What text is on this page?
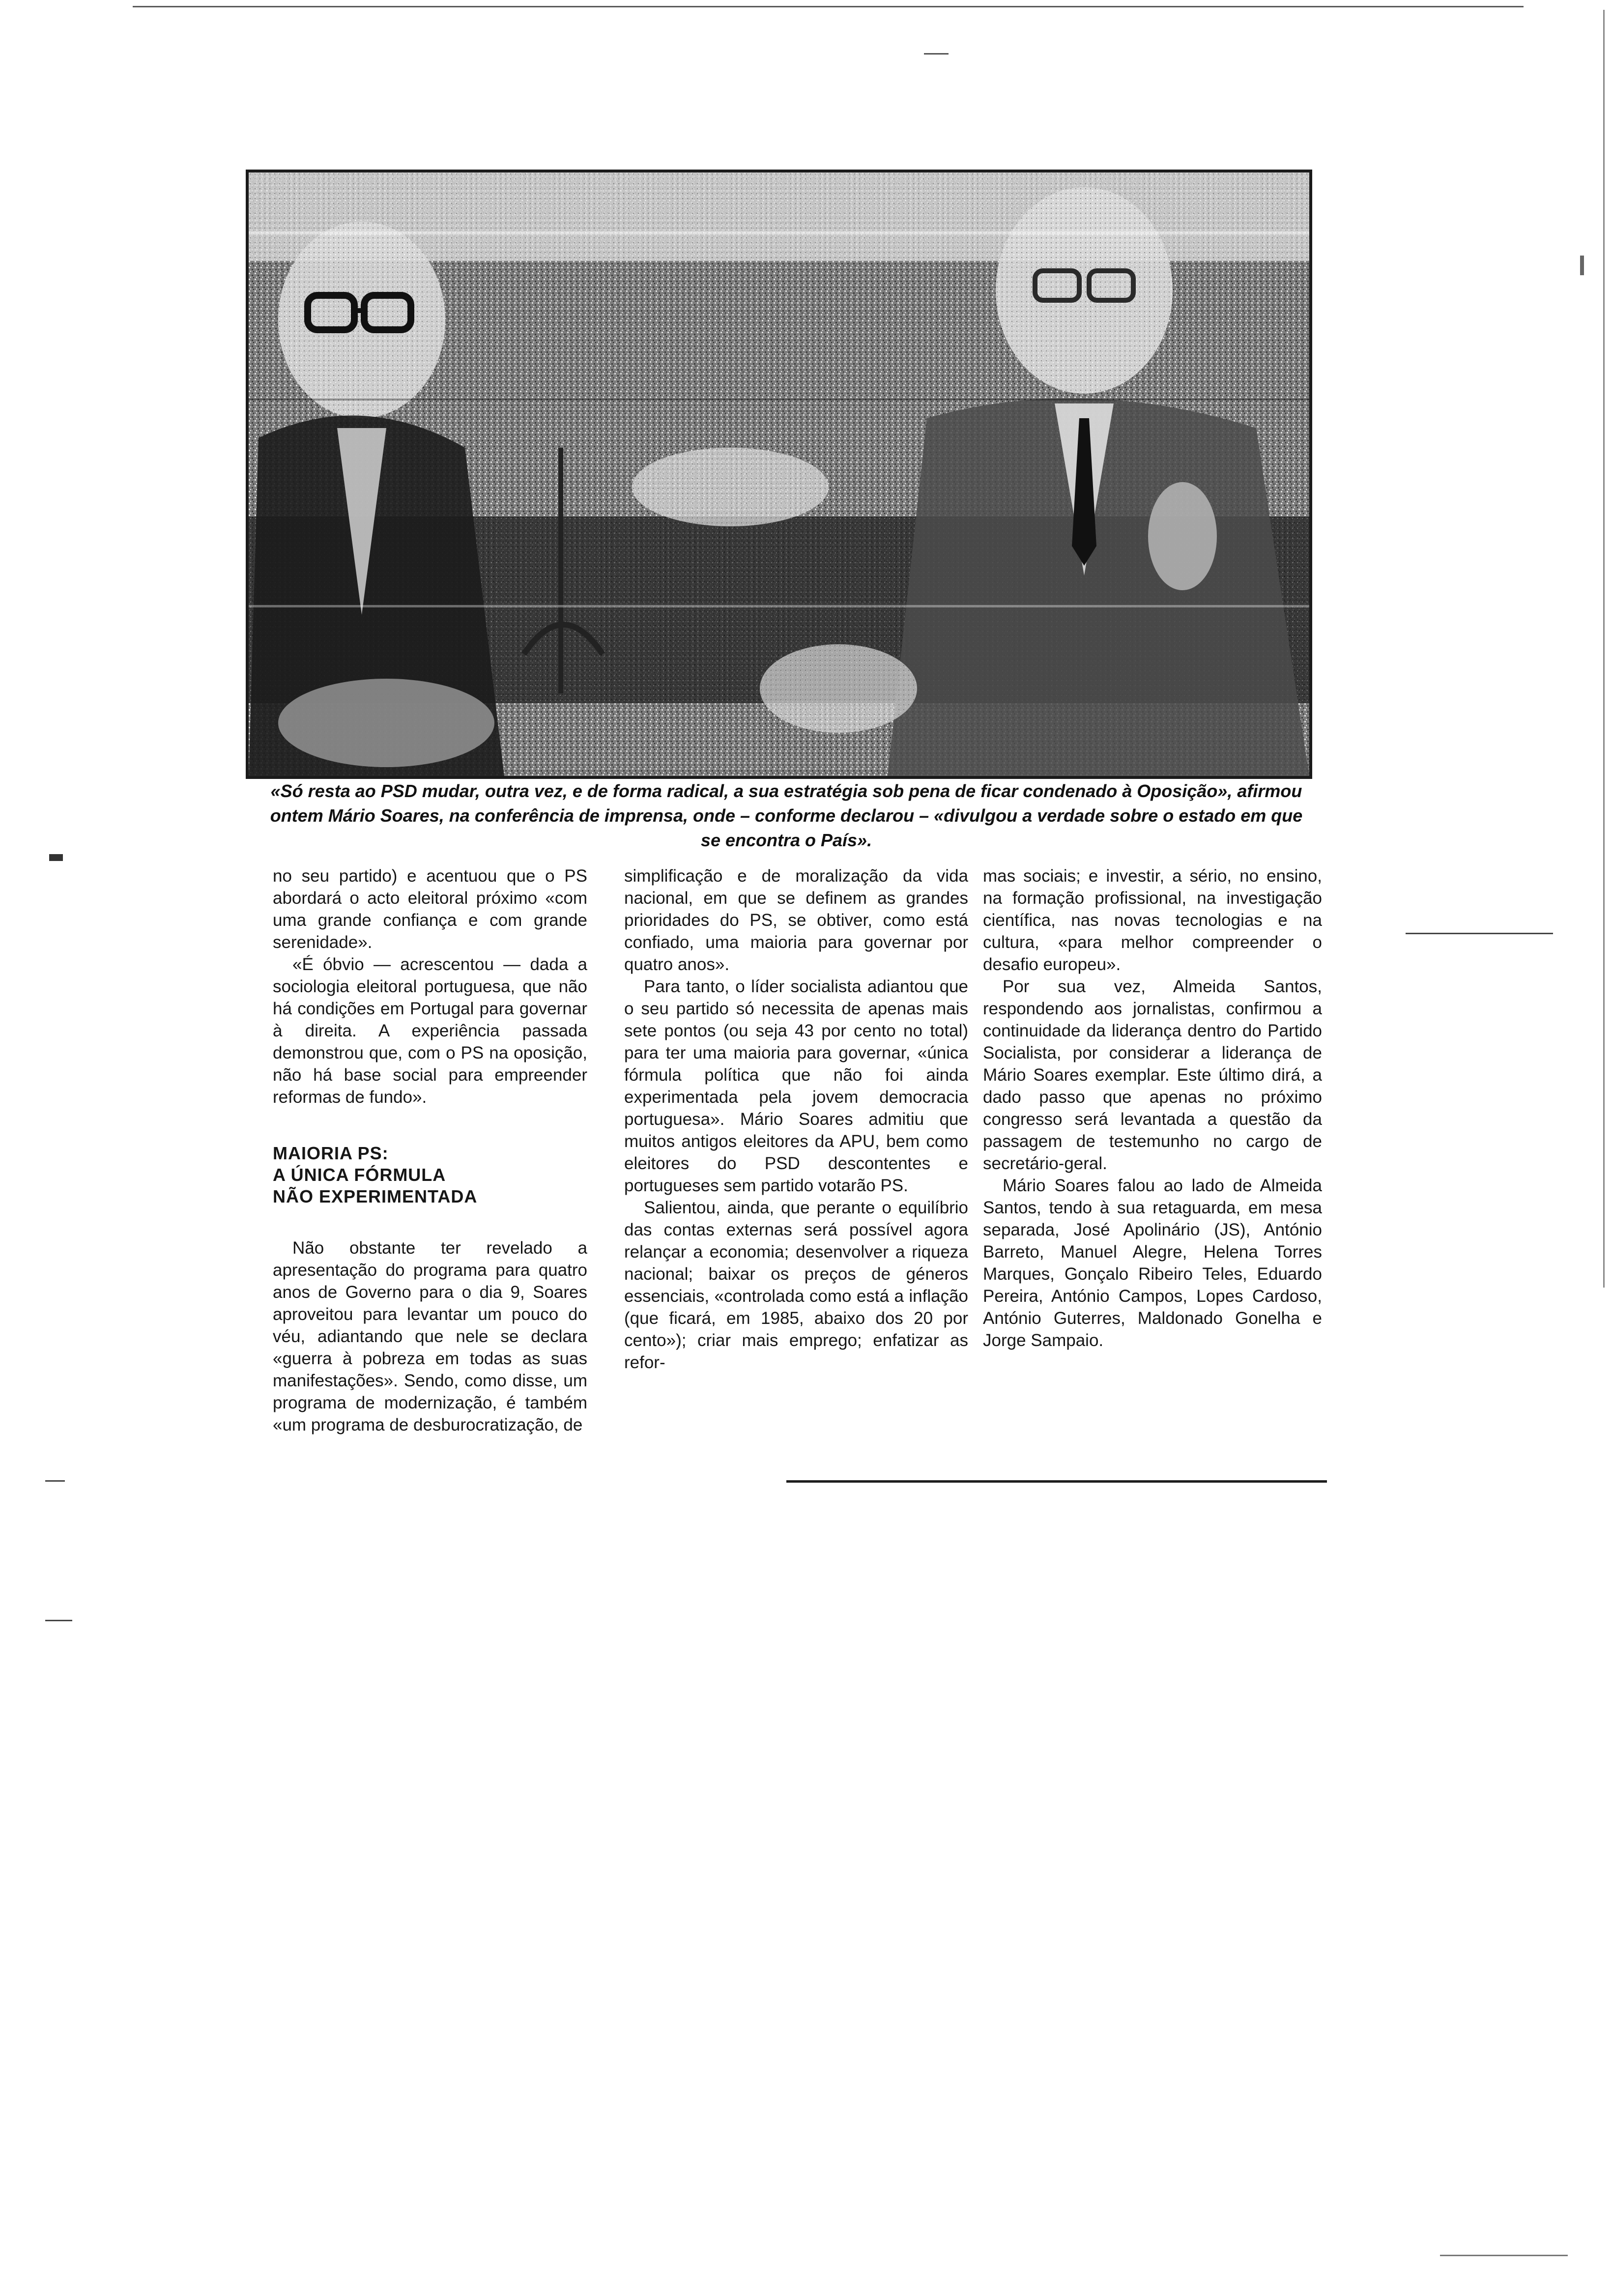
«Só resta ao PSD mudar, outra vez, e de forma radical, a sua estratégia sob pena de ficar condenado à Oposição», afirmou ontem Mário Soares, na conferência de imprensa, onde – conforme declarou – «divulgou a verdade sobre o estado em que se encontra o País».

no seu partido) e acentuou que o PS abordará o acto eleitoral próximo «com uma grande confiança e com grande serenidade».

«É óbvio — acrescentou — dada a sociologia eleitoral portuguesa, que não há condições em Portugal para governar à direita. A experiência passada demonstrou que, com o PS na oposição, não há base social para empreender reformas de fundo».

MAIORIA PS:
A ÚNICA FÓRMULA
NÃO EXPERIMENTADA

Não obstante ter revelado a apresentação do programa para quatro anos de Governo para o dia 9, Soares aproveitou para levantar um pouco do véu, adiantando que nele se declara «guerra à pobreza em todas as suas manifestações». Sendo, como disse, um programa de modernização, é também «um programa de desburocratização, de

simplificação e de moralização da vida nacional, em que se definem as grandes prioridades do PS, se obtiver, como está confiado, uma maioria para governar por quatro anos».

Para tanto, o líder socialista adiantou que o seu partido só necessita de apenas mais sete pontos (ou seja 43 por cento no total) para ter uma maioria para governar, «única fórmula política que não foi ainda experimentada pela jovem democracia portuguesa». Mário Soares admitiu que muitos antigos eleitores da APU, bem como eleitores do PSD descontentes e portugueses sem partido votarão PS.

Salientou, ainda, que perante o equilíbrio das contas externas será possível agora relançar a economia; desenvolver a riqueza nacional; baixar os preços de géneros essenciais, «controlada como está a inflação (que ficará, em 1985, abaixo dos 20 por cento»); criar mais emprego; enfatizar as refor-

mas sociais; e investir, a sério, no ensino, na formação profissional, na investigação científica, nas novas tecnologias e na cultura, «para melhor compreender o desafio europeu».

Por sua vez, Almeida Santos, respondendo aos jornalistas, confirmou a continuidade da liderança dentro do Partido Socialista, por considerar a liderança de Mário Soares exemplar. Este último dirá, a dado passo que apenas no próximo congresso será levantada a questão da passagem de testemunho no cargo de secretário-geral.

Mário Soares falou ao lado de Almeida Santos, tendo à sua retaguarda, em mesa separada, José Apolinário (JS), António Barreto, Manuel Alegre, Helena Torres Marques, Gonçalo Ribeiro Teles, Eduardo Pereira, António Campos, Lopes Cardoso, António Guterres, Maldonado Gonelha e Jorge Sampaio.
